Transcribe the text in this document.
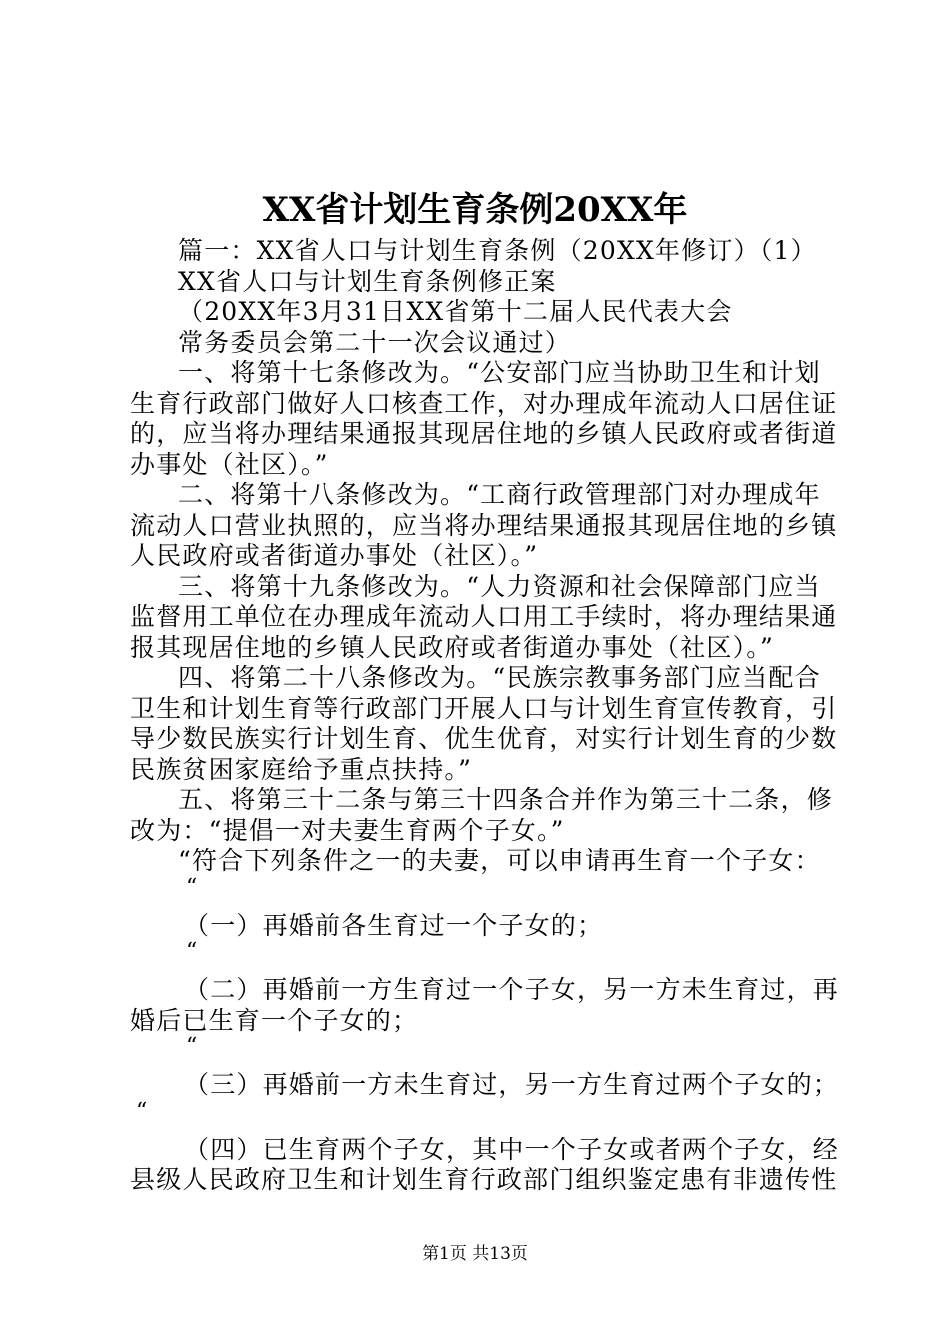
XX省计划生育条例20XX年
篇一：XX省人口与计划生育条例（20XX年修订）（1）
XX省人口与计划生育条例修正案
（20XX年3月31日XX省第十二届人民代表大会
常务委员会第二十一次会议通过）
一、将第十七条修改为。“公安部门应当协助卫生和计划
生育行政部门做好人口核查工作，对办理成年流动人口居住证
的，应当将办理结果通报其现居住地的乡镇人民政府或者街道
办事处（社区）。”
二、将第十八条修改为。“工商行政管理部门对办理成年
流动人口营业执照的，应当将办理结果通报其现居住地的乡镇
人民政府或者街道办事处（社区）。”
三、将第十九条修改为。“人力资源和社会保障部门应当
监督用工单位在办理成年流动人口用工手续时，将办理结果通
报其现居住地的乡镇人民政府或者街道办事处（社区）。”
四、将第二十八条修改为。“民族宗教事务部门应当配合
卫生和计划生育等行政部门开展人口与计划生育宣传教育，引
导少数民族实行计划生育、优生优育，对实行计划生育的少数
民族贫困家庭给予重点扶持。”
五、将第三十二条与第三十四条合并作为第三十二条，修
改为：“提倡一对夫妻生育两个子女。”
“符合下列条件之一的夫妻，可以申请再生育一个子女：
“
（一）再婚前各生育过一个子女的；
“
（二）再婚前一方生育过一个子女，另一方未生育过，再
婚后已生育一个子女的；
“
（三）再婚前一方未生育过，另一方生育过两个子女的；
“
（四）已生育两个子女，其中一个子女或者两个子女，经
县级人民政府卫生和计划生育行政部门组织鉴定患有非遗传性
第1页 共13页
